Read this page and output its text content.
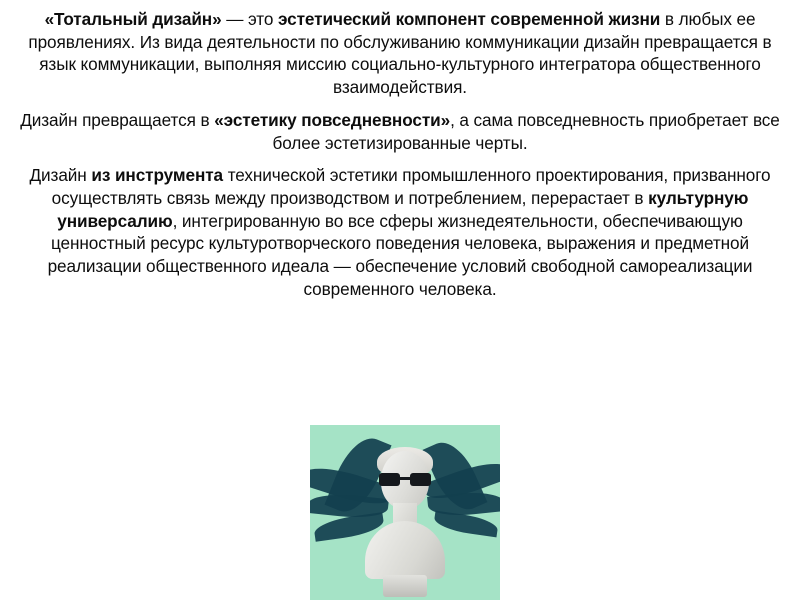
«Тотальный дизайн» — это эстетический компонент современной жизни в любых ее проявлениях. Из вида деятельности по обслуживанию коммуникации дизайн превращается в язык коммуникации, выполняя миссию социально-культурного интегратора общественного взаимодействия.

Дизайн превращается в «эстетику повседневности», а сама повседневность приобретает все более эстетизированные черты.

Дизайн из инструмента технической эстетики промышленного проектирования, призванного осуществлять связь между производством и потреблением, перерастает в культурную универсалию, интегрированную во все сферы жизнедеятельности, обеспечивающую ценностный ресурс культуротворческого поведения человека, выражения и предметной реализации общественного идеала — обеспечение условий свободной самореализации современного человека.
